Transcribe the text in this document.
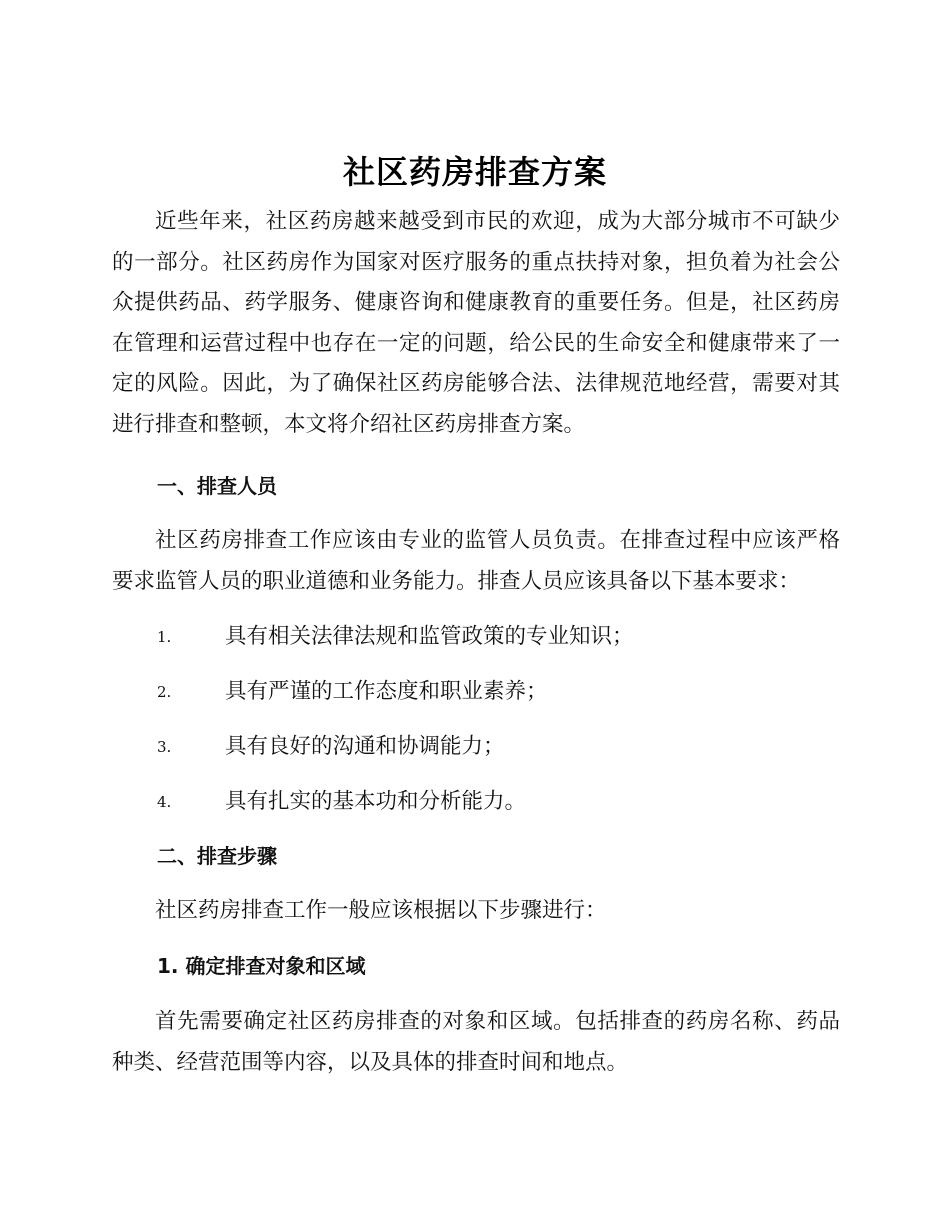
社区药房排查方案
近些年来，社区药房越来越受到市民的欢迎，成为大部分城市不可缺少的一部分。社区药房作为国家对医疗服务的重点扶持对象，担负着为社会公众提供药品、药学服务、健康咨询和健康教育的重要任务。但是，社区药房在管理和运营过程中也存在一定的问题，给公民的生命安全和健康带来了一定的风险。因此，为了确保社区药房能够合法、法律规范地经营，需要对其进行排查和整顿，本文将介绍社区药房排查方案。
一、排查人员
社区药房排查工作应该由专业的监管人员负责。在排查过程中应该严格要求监管人员的职业道德和业务能力。排查人员应该具备以下基本要求：
1. 具有相关法律法规和监管政策的专业知识；
2. 具有严谨的工作态度和职业素养；
3. 具有良好的沟通和协调能力；
4. 具有扎实的基本功和分析能力。
二、排查步骤
社区药房排查工作一般应该根据以下步骤进行：
1. 确定排查对象和区域
首先需要确定社区药房排查的对象和区域。包括排查的药房名称、药品种类、经营范围等内容，以及具体的排查时间和地点。
